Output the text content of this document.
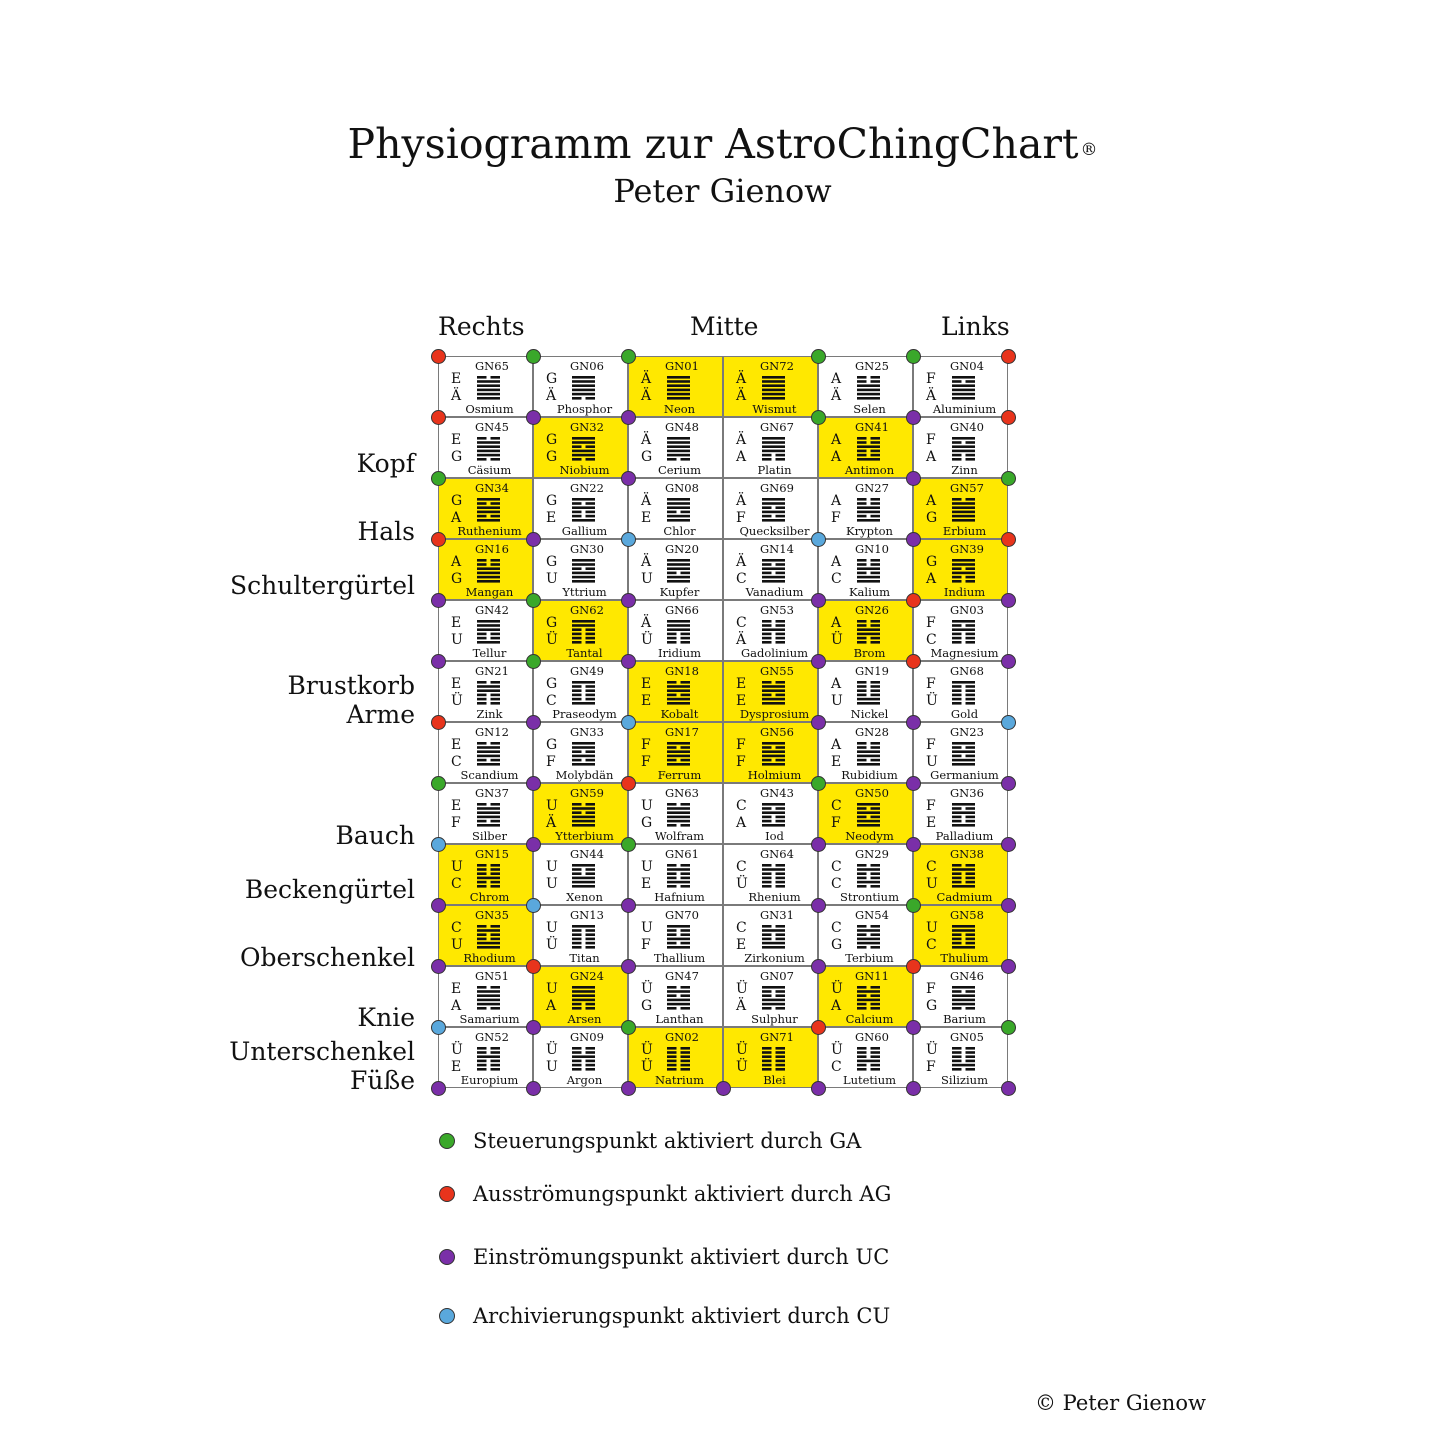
Physiogramm zur AstroChingChart ®
Peter Gienow
Rechts	Mitte	Links
Kopf
Hals
Schultergürtel
Brustkorb
Arme
Bauch
Beckengürtel
Oberschenkel
Knie
Unterschenkel
Füße
GN65
E
Ä
Osmium
GN06
G
Ä
Phosphor
GN01
Ä
Ä
Neon
GN72
Ä
Ä
Wismut
GN25
A
Ä
Selen
GN04
F
Ä
Aluminium
GN45
E
G
Cäsium
GN32
G
G
Niobium
GN48
Ä
G
Cerium
GN67
Ä
A
Platin
GN41
A
A
Antimon
GN40
F
A
Zinn
GN34
G
A
Ruthenium
GN22
G
E
Gallium
GN08
Ä
E
Chlor
GN69
Ä
F
Quecksilber
GN27
A
F
Krypton
GN57
A
G
Erbium
GN16
A
G
Mangan
GN30
G
U
Yttrium
GN20
Ä
U
Kupfer
GN14
Ä
C
Vanadium
GN10
A
C
Kalium
GN39
G
A
Indium
GN42
E
U
Tellur
GN62
G
Ü
Tantal
GN66
Ä
Ü
Iridium
GN53
C
Ä
Gadolinium
GN26
A
Ü
Brom
GN03
F
C
Magnesium
GN21
E
Ü
Zink
GN49
G
C
Praseodym
GN18
E
E
Kobalt
GN55
E
E
Dysprosium
GN19
A
U
Nickel
GN68
F
Ü
Gold
GN12
E
C
Scandium
GN33
G
F
Molybdän
GN17
F
F
Ferrum
GN56
F
F
Holmium
GN28
A
E
Rubidium
GN23
F
U
Germanium
GN37
E
F
Silber
GN59
U
Ä
Ytterbium
GN63
U
G
Wolfram
GN43
C
A
Iod
GN50
C
F
Neodym
GN36
F
E
Palladium
GN15
U
C
Chrom
GN44
U
U
Xenon
GN61
U
E
Hafnium
GN64
C
Ü
Rhenium
GN29
C
C
Strontium
GN38
C
U
Cadmium
GN35
C
U
Rhodium
GN13
U
Ü
Titan
GN70
U
F
Thallium
GN31
C
E
Zirkonium
GN54
C
G
Terbium
GN58
U
C
Thulium
GN51
E
A
Samarium
GN24
U
A
Arsen
GN47
Ü
G
Lanthan
GN07
Ü
Ä
Sulphur
GN11
Ü
A
Calcium
GN46
F
G
Barium
GN52
Ü
E
Europium
GN09
Ü
U
Argon
GN02
Ü
Ü
Natrium
GN71
Ü
Ü
Blei
GN60
Ü
C
Lutetium
GN05
Ü
F
Silizium
Steuerungspunkt aktiviert durch GA
Ausströmungspunkt aktiviert durch AG
Einströmungspunkt aktiviert durch UC
Archivierungspunkt aktiviert durch CU
© Peter Gienow
